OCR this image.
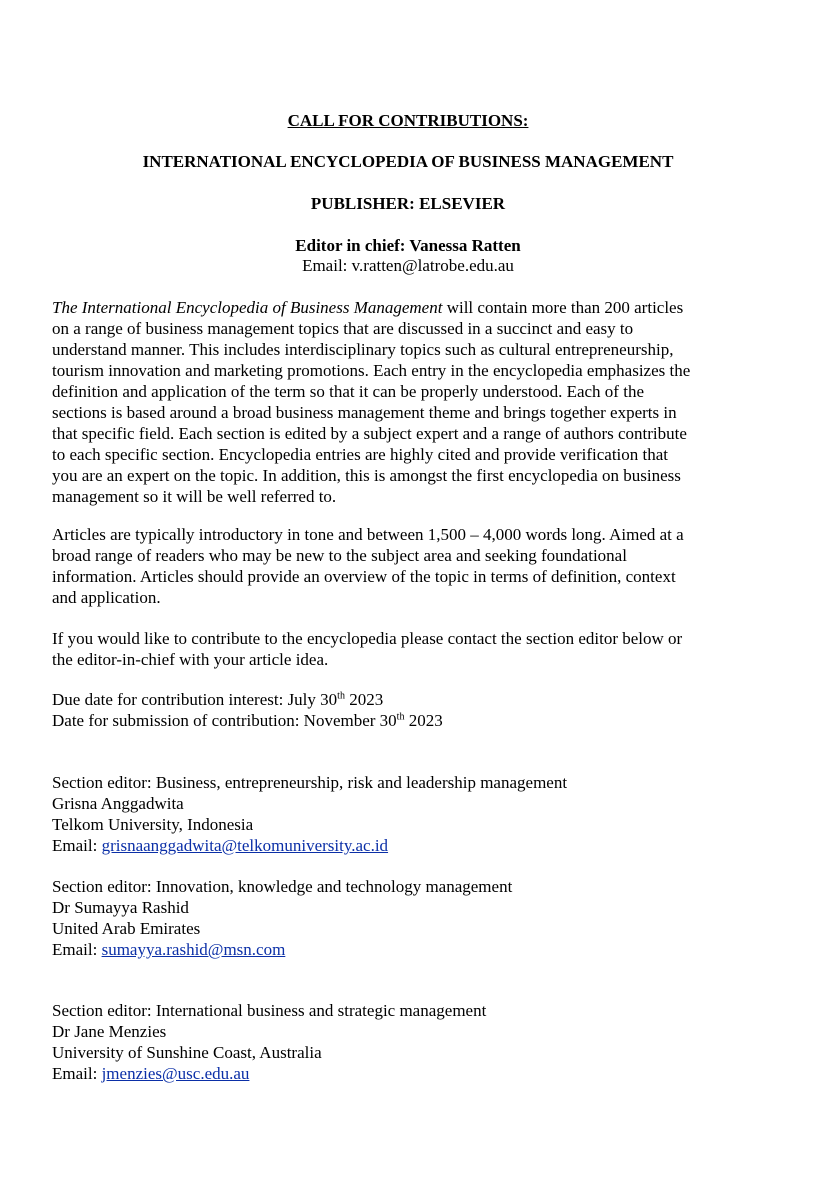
CALL FOR CONTRIBUTIONS:
INTERNATIONAL ENCYCLOPEDIA OF BUSINESS MANAGEMENT
PUBLISHER: ELSEVIER
Editor in chief: Vanessa Ratten
Email: v.ratten@latrobe.edu.au
The International Encyclopedia of Business Management will contain more than 200 articles
on a range of business management topics that are discussed in a succinct and easy to
understand manner. This includes interdisciplinary topics such as cultural entrepreneurship,
tourism innovation and marketing promotions. Each entry in the encyclopedia emphasizes the
definition and application of the term so that it can be properly understood. Each of the
sections is based around a broad business management theme and brings together experts in
that specific field. Each section is edited by a subject expert and a range of authors contribute
to each specific section. Encyclopedia entries are highly cited and provide verification that
you are an expert on the topic. In addition, this is amongst the first encyclopedia on business
management so it will be well referred to.
Articles are typically introductory in tone and between 1,500 – 4,000 words long. Aimed at a
broad range of readers who may be new to the subject area and seeking foundational
information. Articles should provide an overview of the topic in terms of definition, context
and application.
If you would like to contribute to the encyclopedia please contact the section editor below or
the editor-in-chief with your article idea.
Due date for contribution interest: July 30th 2023
Date for submission of contribution: November 30th 2023
Section editor: Business, entrepreneurship, risk and leadership management
Grisna Anggadwita
Telkom University, Indonesia
Email: grisnaanggadwita@telkomuniversity.ac.id
Section editor: Innovation, knowledge and technology management
Dr Sumayya Rashid
United Arab Emirates
Email: sumayya.rashid@msn.com
Section editor: International business and strategic management
Dr Jane Menzies
University of Sunshine Coast, Australia
Email: jmenzies@usc.edu.au
